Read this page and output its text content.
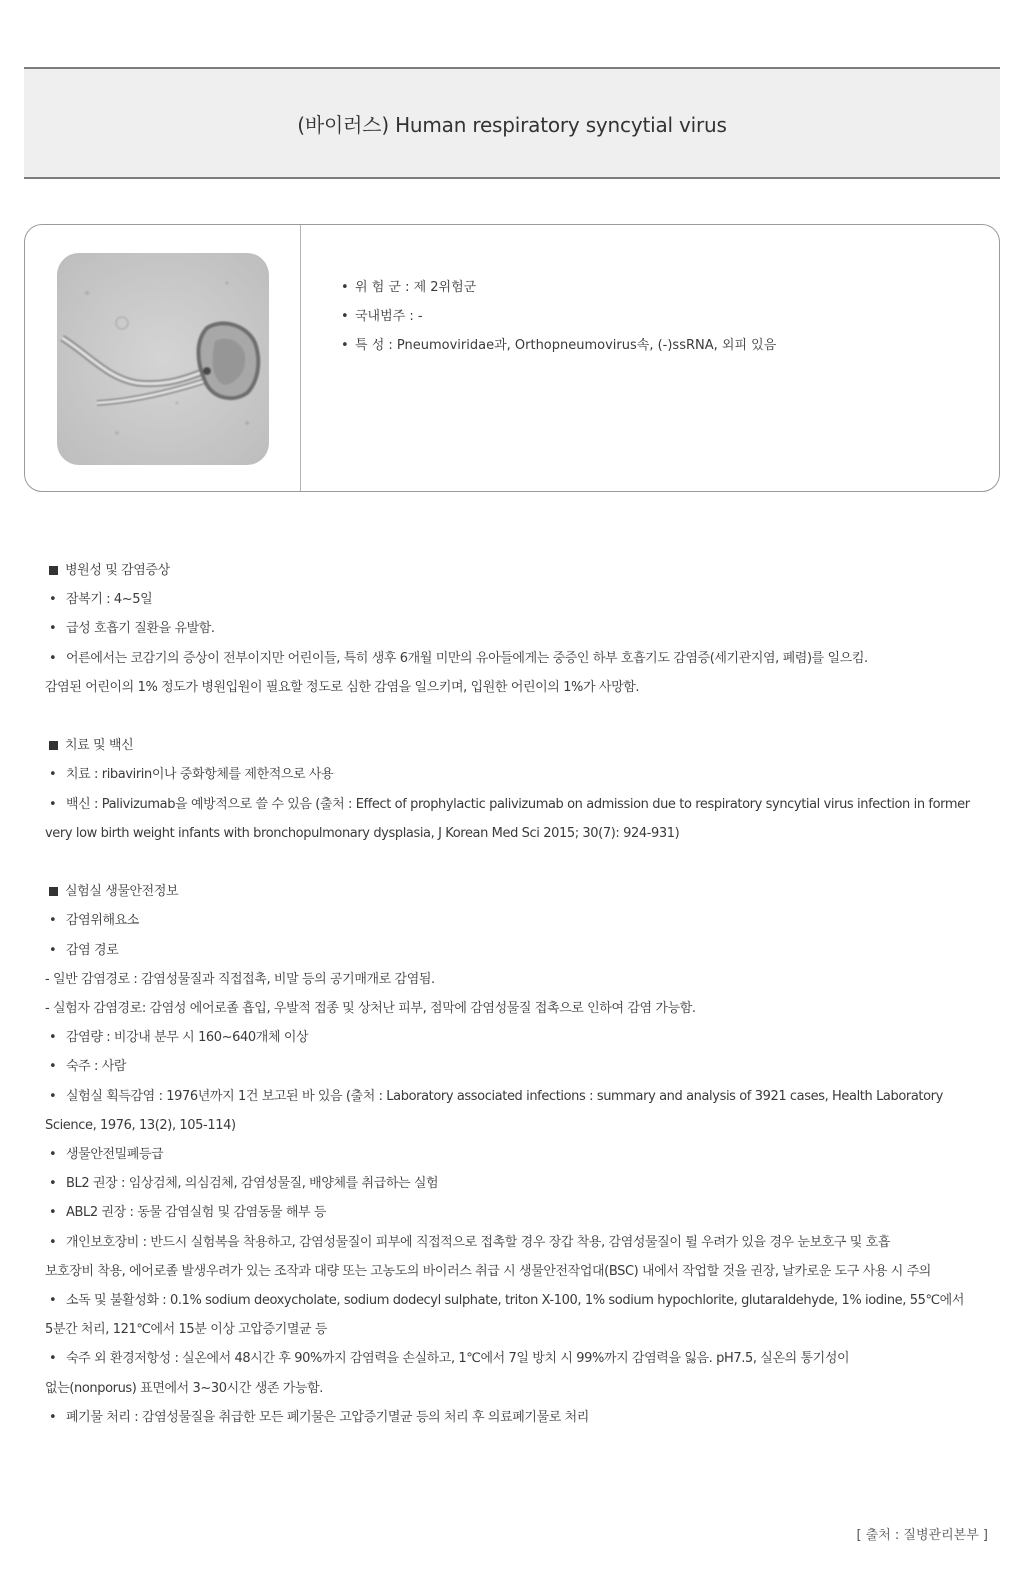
(바이러스) Human respiratory syncytial virus
• 위 험 군 : 제 2위험군
• 국내범주 : -
• 특 성 : Pneumoviridae과, Orthopneumovirus속, (-)ssRNA, 외피 있음

병원성 및 감염증상

• 잠복기 : 4~5일

• 급성 호흡기 질환을 유발함.

• 어른에서는 코감기의 증상이 전부이지만 어린이들, 특히 생후 6개월 미만의 유아들에게는 중증인 하부 호흡기도 감염증(세기관지염, 폐렴)를 일으킴.

감염된 어린이의 1% 정도가 병원입원이 필요할 정도로 심한 감염을 일으키며, 입원한 어린이의 1%가 사망함.

치료 및 백신

• 치료 : ribavirin이나 중화항체를 제한적으로 사용

• 백신 : Palivizumab을 예방적으로 쓸 수 있음 (출처 : Effect of prophylactic palivizumab on admission due to respiratory syncytial virus infection in former

very low birth weight infants with bronchopulmonary dysplasia, J Korean Med Sci 2015; 30(7): 924-931)

실험실 생물안전정보

• 감염위해요소

• 감염 경로

- 일반 감염경로 : 감염성물질과 직접접촉, 비말 등의 공기매개로 감염됨.

- 실험자 감염경로: 감염성 에어로졸 흡입, 우발적 접종 및 상처난 피부, 점막에 감염성물질 접촉으로 인하여 감염 가능함.

• 감염량 : 비강내 분무 시 160~640개체 이상

• 숙주 : 사람

• 실험실 획득감염 : 1976년까지 1건 보고된 바 있음 (출처 : Laboratory associated infections : summary and analysis of 3921 cases, Health Laboratory

Science, 1976, 13(2), 105-114)

• 생물안전밀폐등급

• BL2 권장 : 임상검체, 의심검체, 감염성물질, 배양체를 취급하는 실험

• ABL2 권장 : 동물 감염실험 및 감염동물 해부 등

• 개인보호장비 : 반드시 실험복을 착용하고, 감염성물질이 피부에 직접적으로 접촉할 경우 장갑 착용, 감염성물질이 튈 우려가 있을 경우 눈보호구 및 호흡

보호장비 착용, 에어로졸 발생우려가 있는 조작과 대량 또는 고농도의 바이러스 취급 시 생물안전작업대(BSC) 내에서 작업할 것을 권장, 날카로운 도구 사용 시 주의

• 소독 및 불활성화 : 0.1% sodium deoxycholate, sodium dodecyl sulphate, triton X-100, 1% sodium hypochlorite, glutaraldehyde, 1% iodine, 55℃에서

5분간 처리, 121℃에서 15분 이상 고압증기멸균 등

• 숙주 외 환경저항성 : 실온에서 48시간 후 90%까지 감염력을 손실하고, 1℃에서 7일 방치 시 99%까지 감염력을 잃음. pH7.5, 실온의 통기성이

없는(nonporus) 표면에서 3~30시간 생존 가능함.

• 폐기물 처리 : 감염성물질을 취급한 모든 폐기물은 고압증기멸균 등의 처리 후 의료폐기물로 처리

[ 출처 : 질병관리본부 ]
